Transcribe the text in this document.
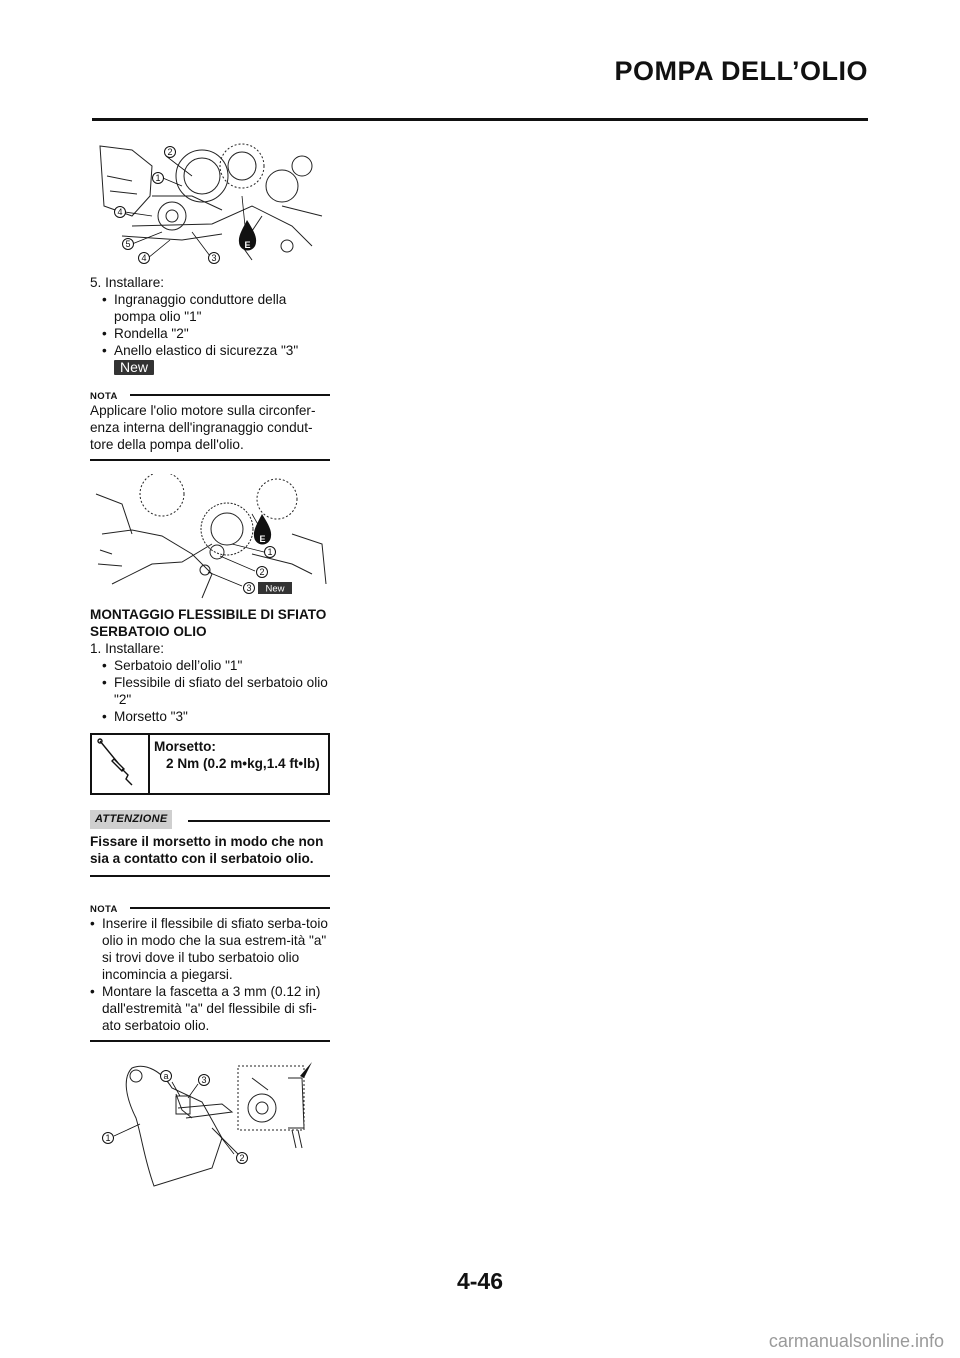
POMPA DELL’OLIO
2
1
4
5
4	3
E

5. Installare:

• Ingranaggio conduttore della pompa olio "1"
• Rondella "2"
• Anello elastico di sicurezza "3"
New
NOTA
Applicare l'olio motore sulla circonfer-enza interna dell'ingranaggio condut-tore della pompa dell'olio.
1
2
3 New
E

MONTAGGIO FLESSIBILE DI SFIATO SERBATOIO OLIO

1. Installare:

• Serbatoio dell’olio "1"
• Flessibile di sfiato del serbatoio olio "2"
• Morsetto "3"
Morsetto:
2 Nm (0.2 m•kg,1.4 ft•lb)
ATTENZIONE
Fissare il morsetto in modo che non sia a contatto con il serbatoio olio.
NOTA
• Inserire il flessibile di sfiato serba-toio olio in modo che la sua estrem-ità "a" si trovi dove il tubo serbatoio olio incomincia a piegarsi.
• Montare la fascetta a 3 mm (0.12 in) dall'estremità "a" del flessibile di sfi-ato serbatoio olio.
a	3
1
2
4-46
carmanualsonline.info
